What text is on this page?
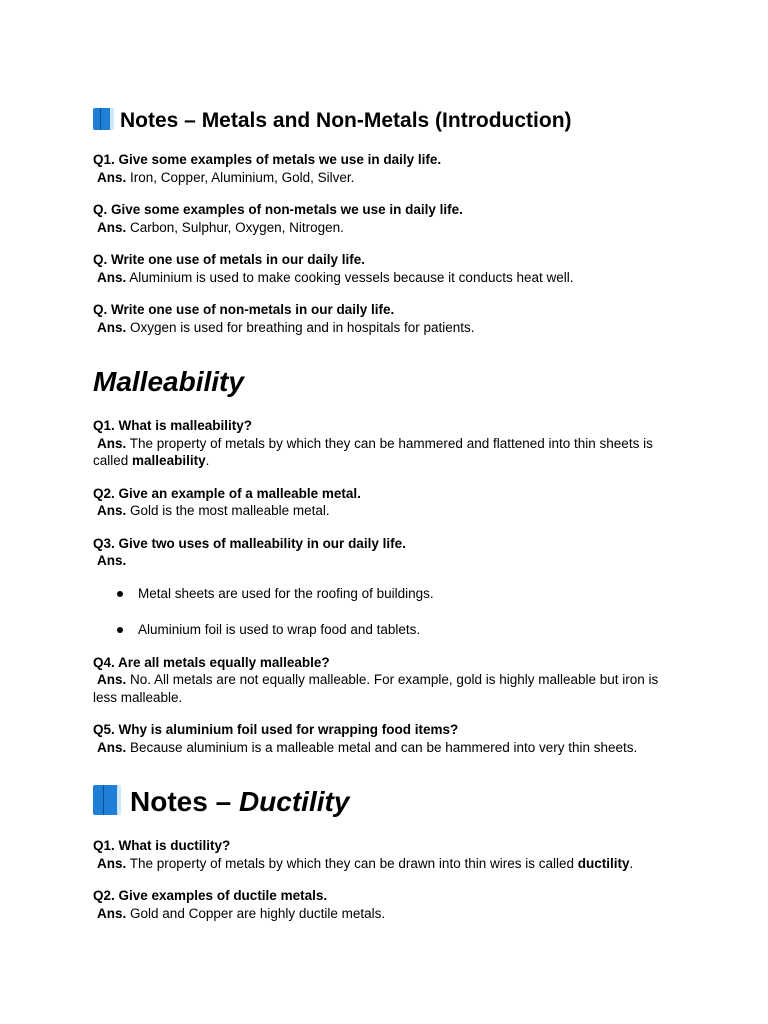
Notes – Metals and Non-Metals (Introduction)
Q1. Give some examples of metals we use in daily life.
Ans. Iron, Copper, Aluminium, Gold, Silver.
Q. Give some examples of non-metals we use in daily life.
Ans. Carbon, Sulphur, Oxygen, Nitrogen.
Q. Write one use of metals in our daily life.
Ans. Aluminium is used to make cooking vessels because it conducts heat well.
Q. Write one use of non-metals in our daily life.
Ans. Oxygen is used for breathing and in hospitals for patients.
Malleability
Q1. What is malleability?
Ans. The property of metals by which they can be hammered and flattened into thin sheets is called malleability.
Q2. Give an example of a malleable metal.
Ans. Gold is the most malleable metal.
Q3. Give two uses of malleability in our daily life.
Ans.
Metal sheets are used for the roofing of buildings.
Aluminium foil is used to wrap food and tablets.
Q4. Are all metals equally malleable?
Ans. No. All metals are not equally malleable. For example, gold is highly malleable but iron is less malleable.
Q5. Why is aluminium foil used for wrapping food items?
Ans. Because aluminium is a malleable metal and can be hammered into very thin sheets.
Notes – Ductility
Q1. What is ductility?
Ans. The property of metals by which they can be drawn into thin wires is called ductility.
Q2. Give examples of ductile metals.
Ans. Gold and Copper are highly ductile metals.
